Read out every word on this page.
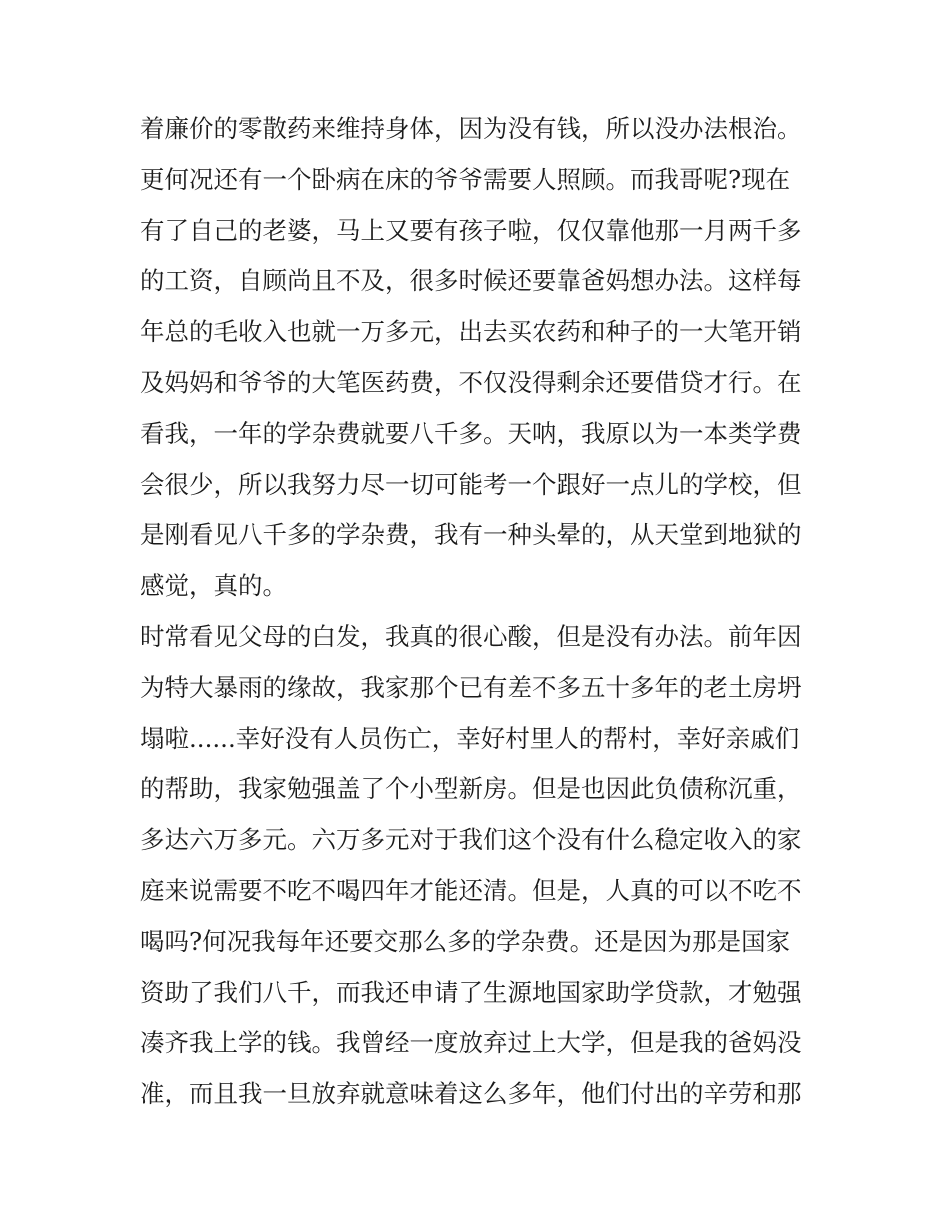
着廉价的零散药来维持身体，因为没有钱，所以没办法根治。
更何况还有一个卧病在床的爷爷需要人照顾。而我哥呢?现在
有了自己的老婆，马上又要有孩子啦，仅仅靠他那一月两千多
的工资，自顾尚且不及，很多时候还要靠爸妈想办法。这样每
年总的毛收入也就一万多元，出去买农药和种子的一大笔开销
及妈妈和爷爷的大笔医药费，不仅没得剩余还要借贷才行。在
看我，一年的学杂费就要八千多。天呐，我原以为一本类学费
会很少，所以我努力尽一切可能考一个跟好一点儿的学校，但
是刚看见八千多的学杂费，我有一种头晕的，从天堂到地狱的
感觉，真的。
时常看见父母的白发，我真的很心酸，但是没有办法。前年因
为特大暴雨的缘故，我家那个已有差不多五十多年的老土房坍
塌啦......幸好没有人员伤亡，幸好村里人的帮村，幸好亲戚们
的帮助，我家勉强盖了个小型新房。但是也因此负债称沉重，
多达六万多元。六万多元对于我们这个没有什么稳定收入的家
庭来说需要不吃不喝四年才能还清。但是，人真的可以不吃不
喝吗?何况我每年还要交那么多的学杂费。还是因为那是国家
资助了我们八千，而我还申请了生源地国家助学贷款，才勉强
凑齐我上学的钱。我曾经一度放弃过上大学，但是我的爸妈没
准，而且我一旦放弃就意味着这么多年，他们付出的辛劳和那
